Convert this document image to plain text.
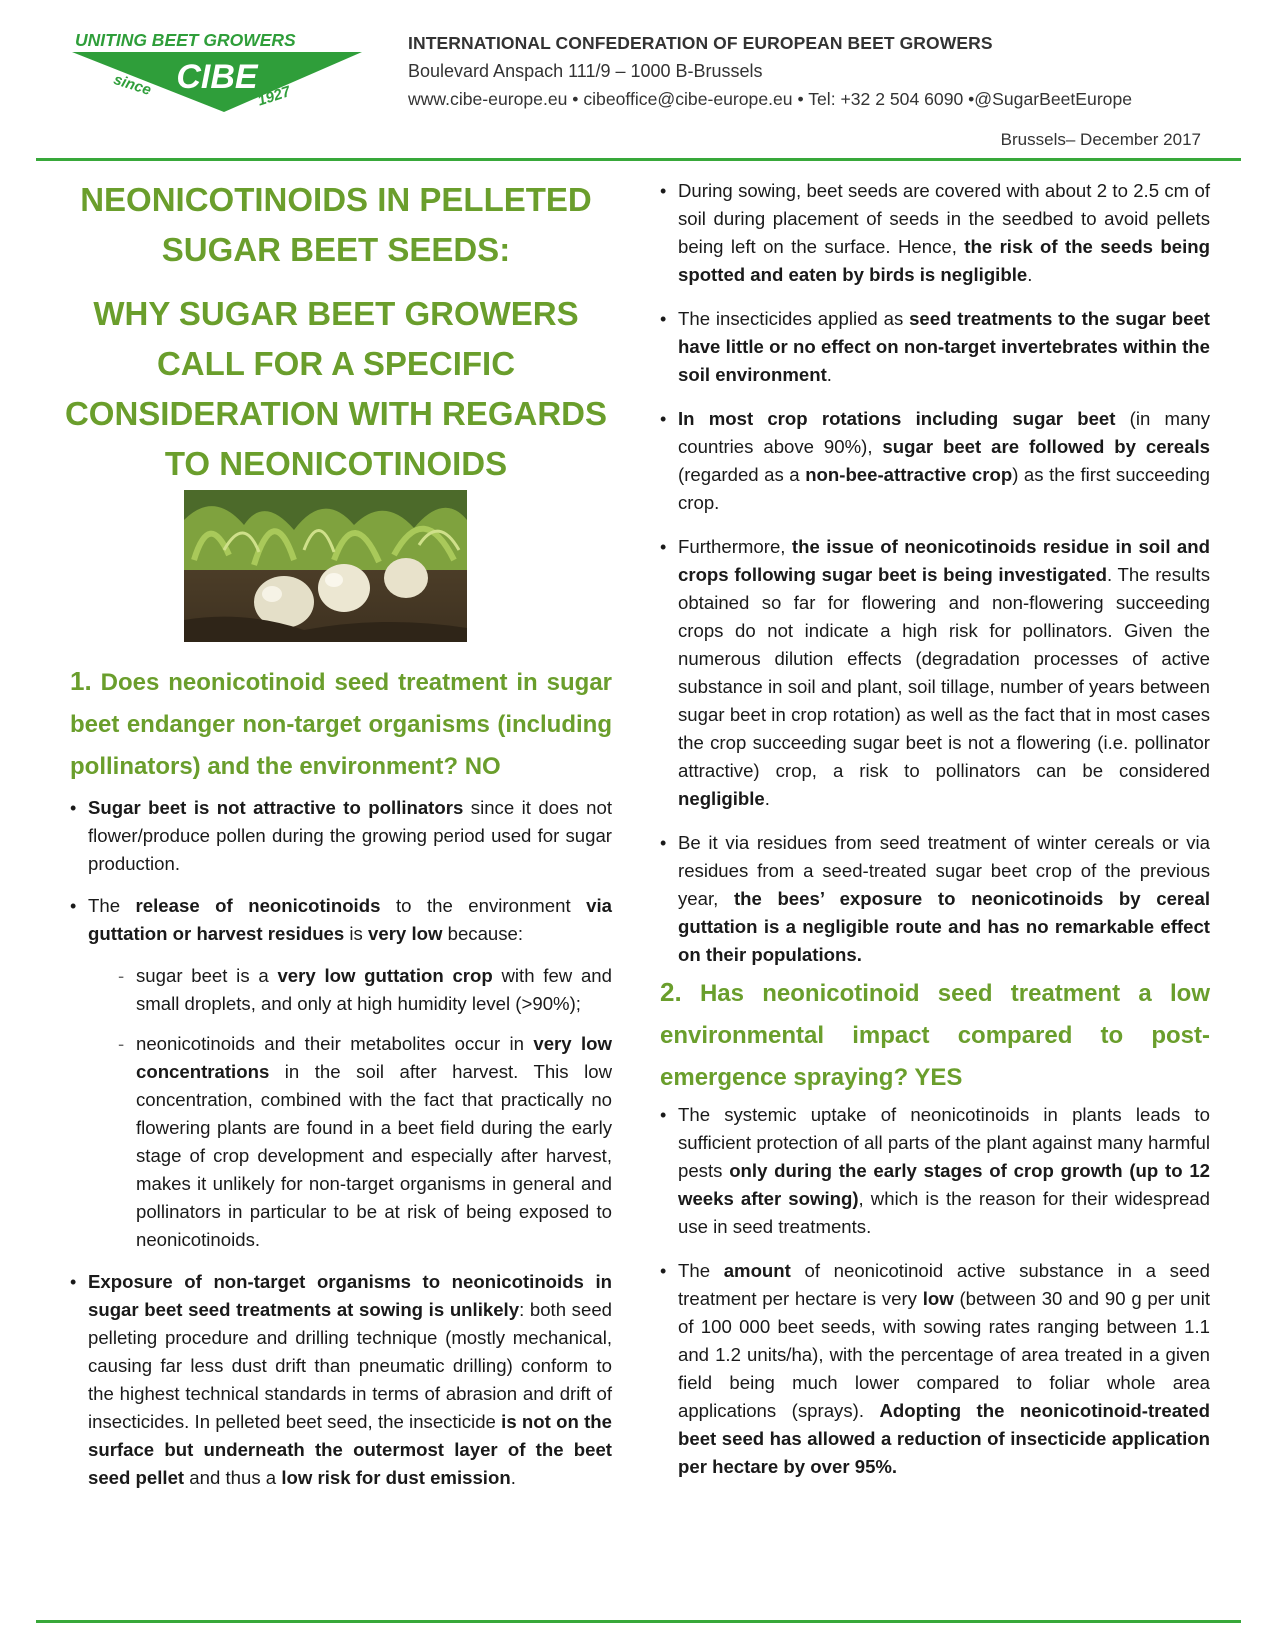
UNITING BEET GROWERS
CIBE
since	1927
INTERNATIONAL CONFEDERATION OF EUROPEAN BEET GROWERS
Boulevard Anspach 111/9 – 1000 B-Brussels
www.cibe-europe.eu • cibeoffice@cibe-europe.eu • Tel: +32 2 504 6090 •@SugarBeetEurope
Brussels– December 2017
NEONICOTINOIDS IN PELLETED SUGAR BEET SEEDS:
WHY SUGAR BEET GROWERS CALL FOR A SPECIFIC CONSIDERATION WITH REGARDS TO NEONICOTINOIDS
1. Does neonicotinoid seed treatment in sugar beet endanger non-target organisms (including pollinators) and the environment? NO
• Sugar beet is not attractive to pollinators since it does not flower/produce pollen during the growing period used for sugar production.
• The release of neonicotinoids to the environment via guttation or harvest residues is very low because:
- sugar beet is a very low guttation crop with few and small droplets, and only at high humidity level (>90%);
- neonicotinoids and their metabolites occur in very low concentrations in the soil after harvest. This low concentration, combined with the fact that practically no flowering plants are found in a beet field during the early stage of crop development and especially after harvest, makes it unlikely for non-target organisms in general and pollinators in particular to be at risk of being exposed to neonicotinoids.
• Exposure of non-target organisms to neonicotinoids in sugar beet seed treatments at sowing is unlikely: both seed pelleting procedure and drilling technique (mostly mechanical, causing far less dust drift than pneumatic drilling) conform to the highest technical standards in terms of abrasion and drift of insecticides. In pelleted beet seed, the insecticide is not on the surface but underneath the outermost layer of the beet seed pellet and thus a low risk for dust emission.
• During sowing, beet seeds are covered with about 2 to 2.5 cm of soil during placement of seeds in the seedbed to avoid pellets being left on the surface. Hence, the risk of the seeds being spotted and eaten by birds is negligible.
• The insecticides applied as seed treatments to the sugar beet have little or no effect on non-target invertebrates within the soil environment.
• In most crop rotations including sugar beet (in many countries above 90%), sugar beet are followed by cereals (regarded as a non-bee-attractive crop) as the first succeeding crop.
• Furthermore, the issue of neonicotinoids residue in soil and crops following sugar beet is being investigated. The results obtained so far for flowering and non-flowering succeeding crops do not indicate a high risk for pollinators. Given the numerous dilution effects (degradation processes of active substance in soil and plant, soil tillage, number of years between sugar beet in crop rotation) as well as the fact that in most cases the crop succeeding sugar beet is not a flowering (i.e. pollinator attractive) crop, a risk to pollinators can be considered negligible.
• Be it via residues from seed treatment of winter cereals or via residues from a seed-treated sugar beet crop of the previous year, the bees’ exposure to neonicotinoids by cereal guttation is a negligible route and has no remarkable effect on their populations.
2. Has neonicotinoid seed treatment a low environmental impact compared to post-emergence spraying? YES
• The systemic uptake of neonicotinoids in plants leads to sufficient protection of all parts of the plant against many harmful pests only during the early stages of crop growth (up to 12 weeks after sowing), which is the reason for their widespread use in seed treatments.
• The amount of neonicotinoid active substance in a seed treatment per hectare is very low (between 30 and 90 g per unit of 100 000 beet seeds, with sowing rates ranging between 1.1 and 1.2 units/ha), with the percentage of area treated in a given field being much lower compared to foliar whole area applications (sprays). Adopting the neonicotinoid-treated beet seed has allowed a reduction of insecticide application per hectare by over 95%.
